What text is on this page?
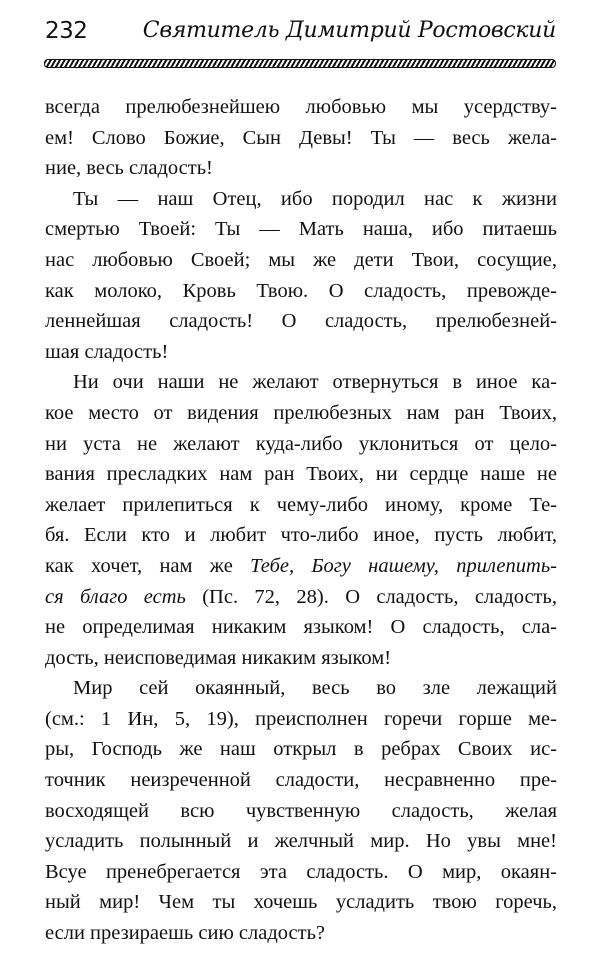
232	Святитель Димитрий Ростовский
всегда прелюбезнейшею любовью мы усердству-
ем! Слово Божие, Сын Девы! Ты — весь жела-
ние, весь сладость!
Ты — наш Отец, ибо породил нас к жизни
смертью Твоей: Ты — Мать наша, ибо питаешь
нас любовью Своей; мы же дети Твои, сосущие,
как молоко, Кровь Твою. О сладость, превожде-
леннейшая сладость! О сладость, прелюбезней-
шая сладость!
Ни очи наши не желают отвернуться в иное ка-
кое место от видения прелюбезных нам ран Твоих,
ни уста не желают куда-либо уклониться от цело-
вания пресладких нам ран Твоих, ни сердце наше не
желает прилепиться к чему-либо иному, кроме Те-
бя. Если кто и любит что-либо иное, пусть любит,
как хочет, нам же Тебе, Богу нашему, прилепить-
ся благо есть (Пс. 72, 28). О сладость, сладость,
не определимая никаким языком! О сладость, сла-
дость, неисповедимая никаким языком!
Мир сей окаянный, весь во зле лежащий
(см.: 1 Ин, 5, 19), преисполнен горечи горше ме-
ры, Господь же наш открыл в ребрах Своих ис-
точник неизреченной сладости, несравненно пре-
восходящей всю чувственную сладость, желая
усладить полынный и желчный мир. Но увы мне!
Всуе пренебрегается эта сладость. О мир, окаян-
ный мир! Чем ты хочешь усладить твою горечь,
если презираешь сию сладость?
